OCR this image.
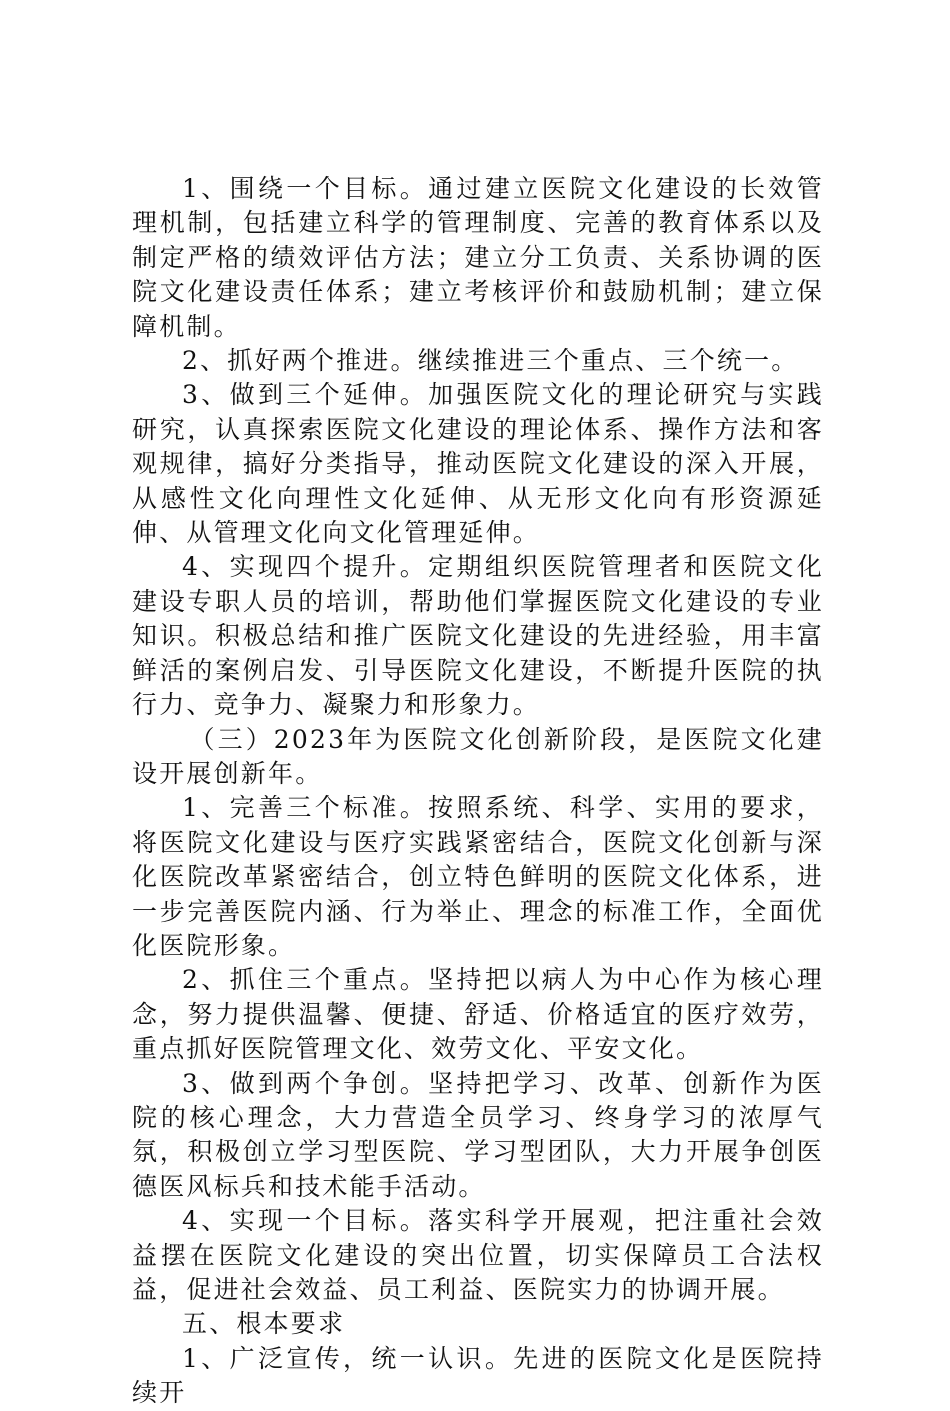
1、围绕一个目标。通过建立医院文化建设的长效管理机制，包括建立科学的管理制度、完善的教育体系以及制定严格的绩效评估方法；建立分工负责、关系协调的医院文化建设责任体系；建立考核评价和鼓励机制；建立保障机制。

2、抓好两个推进。继续推进三个重点、三个统一。

3、做到三个延伸。加强医院文化的理论研究与实践研究，认真探索医院文化建设的理论体系、操作方法和客观规律，搞好分类指导，推动医院文化建设的深入开展，从感性文化向理性文化延伸、从无形文化向有形资源延伸、从管理文化向文化管理延伸。

4、实现四个提升。定期组织医院管理者和医院文化建设专职人员的培训，帮助他们掌握医院文化建设的专业知识。积极总结和推广医院文化建设的先进经验，用丰富鲜活的案例启发、引导医院文化建设，不断提升医院的执行力、竞争力、凝聚力和形象力。

（三）2023年为医院文化创新阶段，是医院文化建设开展创新年。

1、完善三个标准。按照系统、科学、实用的要求，将医院文化建设与医疗实践紧密结合，医院文化创新与深化医院改革紧密结合，创立特色鲜明的医院文化体系，进一步完善医院内涵、行为举止、理念的标准工作，全面优化医院形象。

2、抓住三个重点。坚持把以病人为中心作为核心理念，努力提供温馨、便捷、舒适、价格适宜的医疗效劳，重点抓好医院管理文化、效劳文化、平安文化。

3、做到两个争创。坚持把学习、改革、创新作为医院的核心理念，大力营造全员学习、终身学习的浓厚气氛，积极创立学习型医院、学习型团队，大力开展争创医德医风标兵和技术能手活动。

4、实现一个目标。落实科学开展观，把注重社会效益摆在医院文化建设的突出位置，切实保障员工合法权益，促进社会效益、员工利益、医院实力的协调开展。

五、根本要求

1、广泛宣传，统一认识。先进的医院文化是医院持续开
